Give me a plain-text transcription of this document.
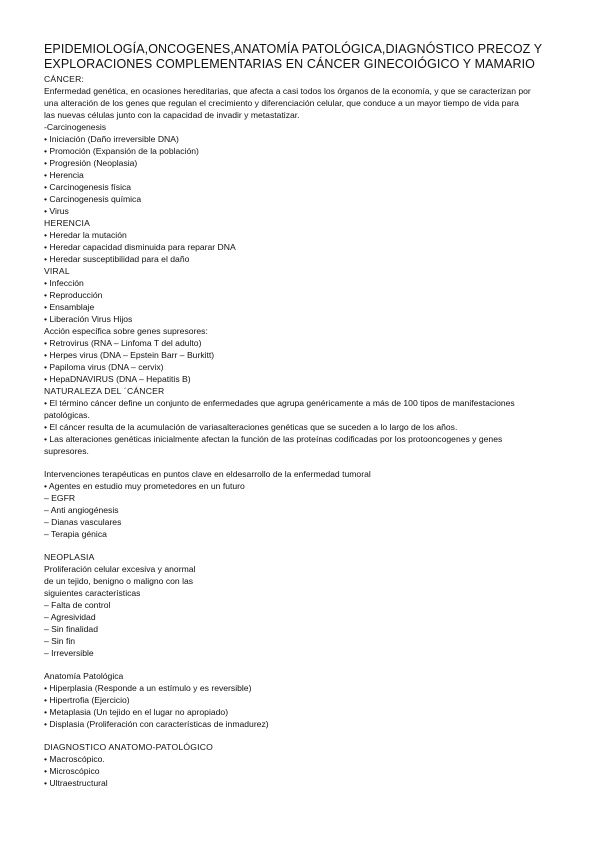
EPIDEMIOLOGÍA,ONCOGENES,ANATOMÍA PATOLÓGICA,DIAGNÓSTICO PRECOZ Y
EXPLORACIONES COMPLEMENTARIAS EN CÁNCER GINECOIÓGICO Y MAMARIO
CÁNCER:
Enfermedad genética, en ocasiones hereditarias, que afecta a casi todos los órganos de la economía, y que se caracterizan por
una alteración de los genes que regulan el crecimiento y diferenciación celular, que conduce a un mayor tiempo de vida para
las nuevas células junto con la capacidad de invadir y metastatizar.
-Carcinogenesis
• Iniciación (Daño irreversible DNA)
• Promoción (Expansión de la población)
• Progresión (Neoplasia)
• Herencia
• Carcinogenesis física
• Carcinogenesis química
• Virus
HERENCIA
• Heredar la mutación
• Heredar capacidad disminuida para reparar DNA
• Heredar susceptibilidad para el daño
VIRAL
• Infección
• Reproducción
• Ensamblaje
• Liberación Virus Hijos
Acción específica sobre genes supresores:
• Retrovirus (RNA – Linfoma T del adulto)
• Herpes virus (DNA – Epstein Barr – Burkitt)
• Papiloma virus (DNA – cervix)
• HepaDNAVIRUS (DNA – Hepatitis B)
NATURALEZA DEL ´CÁNCER
• El término cáncer define un conjunto de enfermedades que agrupa genéricamente a más de 100 tipos de manifestaciones
patológicas.
• El cáncer resulta de la acumulación de variasalteraciones genéticas que se suceden a lo largo de los años.
• Las alteraciones genéticas inicialmente afectan la función de las proteínas codificadas por los protooncogenes y genes
supresores.
Intervenciones terapéuticas en puntos clave en eldesarrollo de la enfermedad tumoral
• Agentes en estudio muy prometedores en un futuro
– EGFR
– Anti angiogénesis
– Dianas vasculares
– Terapia génica
NEOPLASIA
Proliferación celular excesiva y anormal
de un tejido, benigno o maligno con las
siguientes características
– Falta de control
– Agresividad
– Sin finalidad
– Sin fin
– Irreversible
Anatomía Patológica
• Hiperplasia (Responde a un estímulo y es reversible)
• Hipertrofia (Ejercicio)
• Metaplasia (Un tejido en el lugar no apropiado)
• Displasia (Proliferación con características de inmadurez)
DIAGNOSTICO ANATOMO-PATOLÓGICO
• Macroscópico.
• Microscópico
• Ultraestructural
